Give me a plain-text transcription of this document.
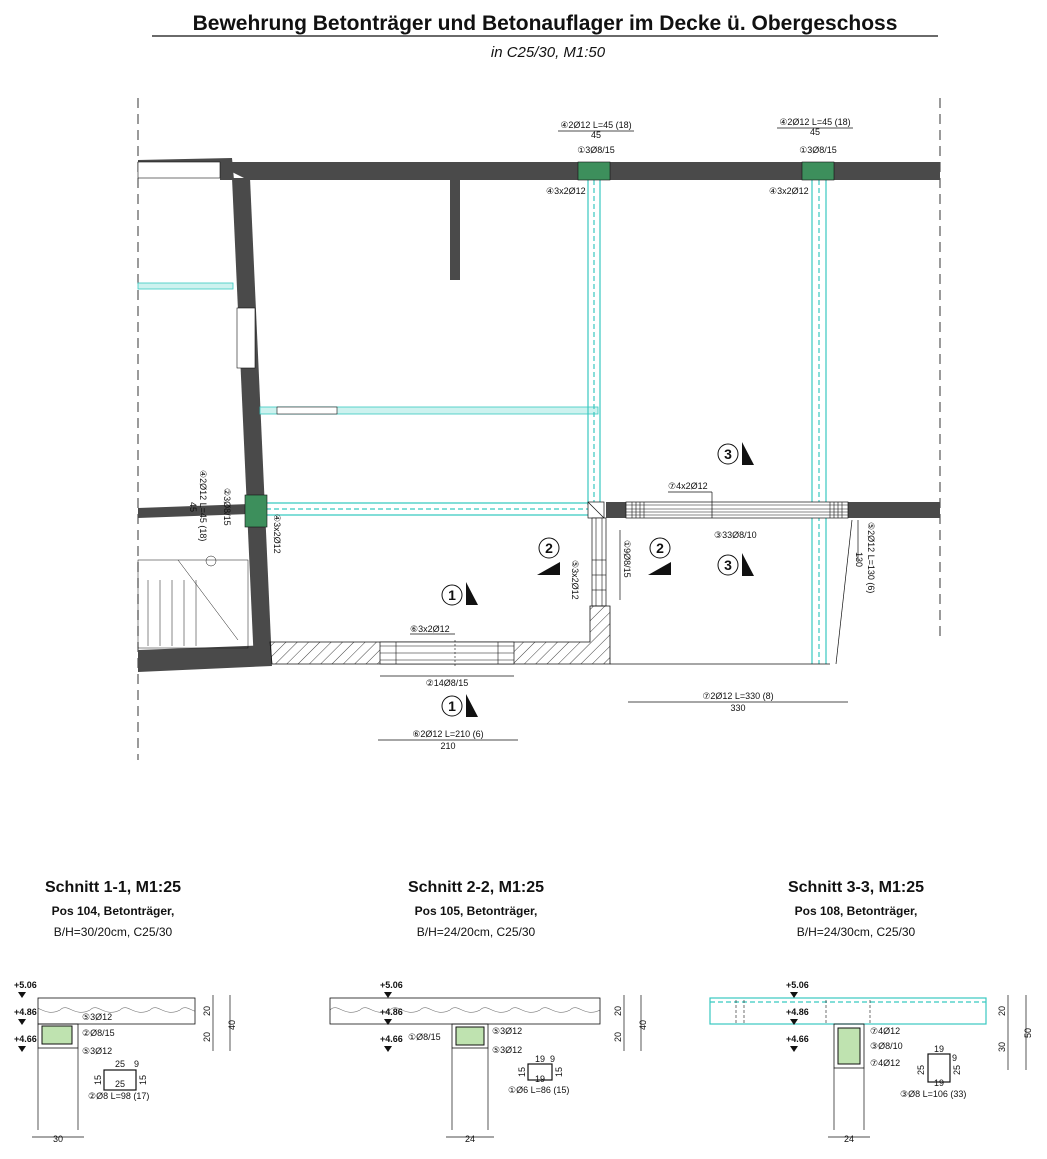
Bewehrung Betonträger und Betonauflager im Decke ü. Obergeschoss
in C25/30, M1:50
④2Ø12 L=45 (18)
45
①3Ø8/15
④3x2Ø12
④2Ø12 L=45 (18)
45
①3Ø8/15
④3x2Ø12
④2Ø12 L=45 (18)
45	②3Ø8/15
④3x2Ø12
⑦4x2Ø12
③33Ø8/10
⑤3x2Ø12
①9Ø8/15	⑤2Ø12 L=130 (6)
130
⑥3x2Ø12
②14Ø8/15
⑦2Ø12 L=330 (8)
330
⑥2Ø12 L=210 (6)
210
1
1
2	2
3
3
Schnitt 1-1, M1:25
Pos 104, Betonträger,
B/H=30/20cm, C25/30
+5.06
+4.86
+4.66
⑤3Ø12
②Ø8/15
⑤3Ø12
20
20
40
30
25 9
15	15
25
②Ø8 L=98 (17)
Schnitt 2-2, M1:25
Pos 105, Betonträger,
B/H=24/20cm, C25/30
+5.06
+4.86
+4.66
⑤3Ø12
①Ø8/15
⑤3Ø12
20
20
40
24
19 9
15	15
19
①Ø6 L=86 (15)
Schnitt 3-3, M1:25
Pos 108, Betonträger,
B/H=24/30cm, C25/30
+5.06
+4.86
+4.66
⑦4Ø12
③Ø8/10
⑦4Ø12
20
30
50
24
19
9
25	25
19
③Ø8 L=106 (33)
